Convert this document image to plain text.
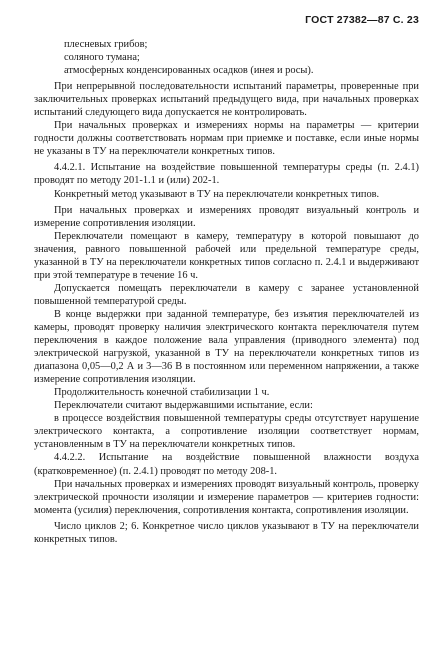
ГОСТ 27382—87 С. 23

плесневых грибов;

соляного тумана;

атмосферных конденсированных осадков (инея и росы).

При непрерывной последовательности испытаний параметры, проверенные при заключительных проверках испытаний предыдущего вида, при начальных проверках испытаний следующего вида допускается не контролировать.

При начальных проверках и измерениях нормы на параметры — критерии годности должны соответствовать нормам при приемке и поставке, если иные нормы не указаны в ТУ на переключатели конкретных типов.

4.4.2.1. Испытание на воздействие повышенной температуры среды (п. 2.4.1) проводят по методу 201-1.1 и (или) 202-1.

Конкретный метод указывают в ТУ на переключатели конкретных типов.

При начальных проверках и измерениях проводят визуальный контроль и измерение сопротивления изоляции.

Переключатели помещают в камеру, температуру в которой повышают до значения, равного повышенной рабочей или предельной температуре среды, указанной в ТУ на переключатели конкретных типов согласно п. 2.4.1 и выдерживают при этой температуре в течение 16 ч.

Допускается помещать переключатели в камеру с заранее установленной повышенной температурой среды.

В конце выдержки при заданной температуре, без изъятия переключателей из камеры, проводят проверку наличия электрического контакта переключателя путем переключения в каждое положение вала управления (приводного элемента) под электрической нагрузкой, указанной в ТУ на переключатели конкретных типов из диапазона 0,05—0,2 А и 3—36 В в постоянном или переменном напряжении, а также измерение сопротивления изоляции.

Продолжительность конечной стабилизации 1 ч.

Переключатели считают выдержавшими испытание, если:

в процессе воздействия повышенной температуры среды отсутствует нарушение электрического контакта, а сопротивление изоляции соответствует нормам, установленным в ТУ на переключатели конкретных типов.

4.4.2.2. Испытание на воздействие повышенной влажности воздуха (кратковременное) (п. 2.4.1) проводят по методу 208-1.

При начальных проверках и измерениях проводят визуальный контроль, проверку электрической прочности изоляции и измерение параметров — критериев годности: момента (усилия) переключения, сопротивления контакта, сопротивления изоляции.

Число циклов 2; 6. Конкретное число циклов указывают в ТУ на переключатели конкретных типов.
